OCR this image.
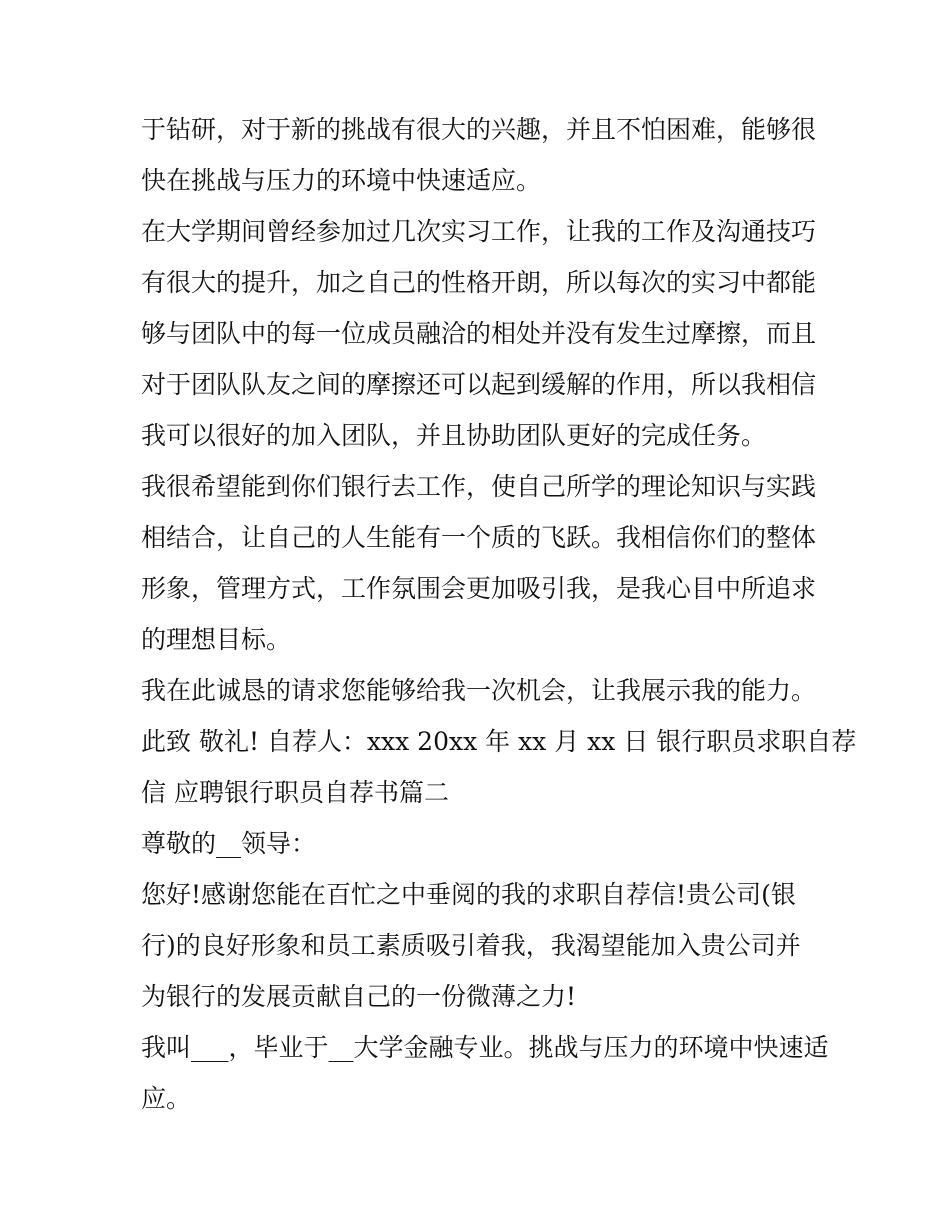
于钻研，对于新的挑战有很大的兴趣，并且不怕困难，能够很
快在挑战与压力的环境中快速适应。
在大学期间曾经参加过几次实习工作，让我的工作及沟通技巧
有很大的提升，加之自己的性格开朗，所以每次的实习中都能
够与团队中的每一位成员融洽的相处并没有发生过摩擦，而且
对于团队队友之间的摩擦还可以起到缓解的作用，所以我相信
我可以很好的加入团队，并且协助团队更好的完成任务。
我很希望能到你们银行去工作，使自己所学的理论知识与实践
相结合，让自己的人生能有一个质的飞跃。我相信你们的整体
形象，管理方式，工作氛围会更加吸引我，是我心目中所追求
的理想目标。
我在此诚恳的请求您能够给我一次机会，让我展示我的能力。
此致 敬礼! 自荐人：xxx 20xx 年 xx 月 xx 日 银行职员求职自荐
信 应聘银行职员自荐书篇二
尊敬的__领导：
您好!感谢您能在百忙之中垂阅的我的求职自荐信!贵公司(银
行)的良好形象和员工素质吸引着我，我渴望能加入贵公司并
为银行的发展贡献自己的一份微薄之力!
我叫___，毕业于__大学金融专业。挑战与压力的环境中快速适
应。
